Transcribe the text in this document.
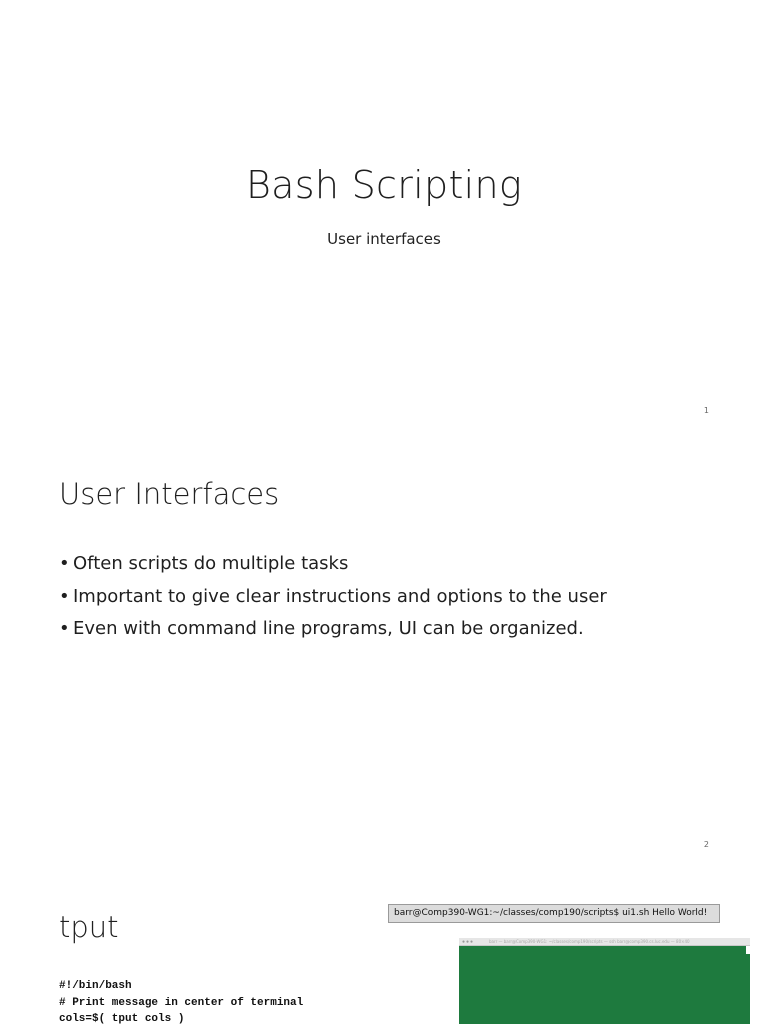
Bash Scripting
User interfaces
1
User Interfaces
• Often scripts do multiple tasks
• Important to give clear instructions and options to the user
• Even with command line programs, UI can be organized.
2
tput
#!/bin/bash
# Print message in center of terminal
cols=$( tput cols )
barr@Comp390-WG1:~/classes/comp190/scripts$ ui1.sh Hello World!
●●●	barr — barr@Comp390-WG1: ~/classes/comp190/scripts — ssh barr@comp390.cs.luc.edu — 80×40
